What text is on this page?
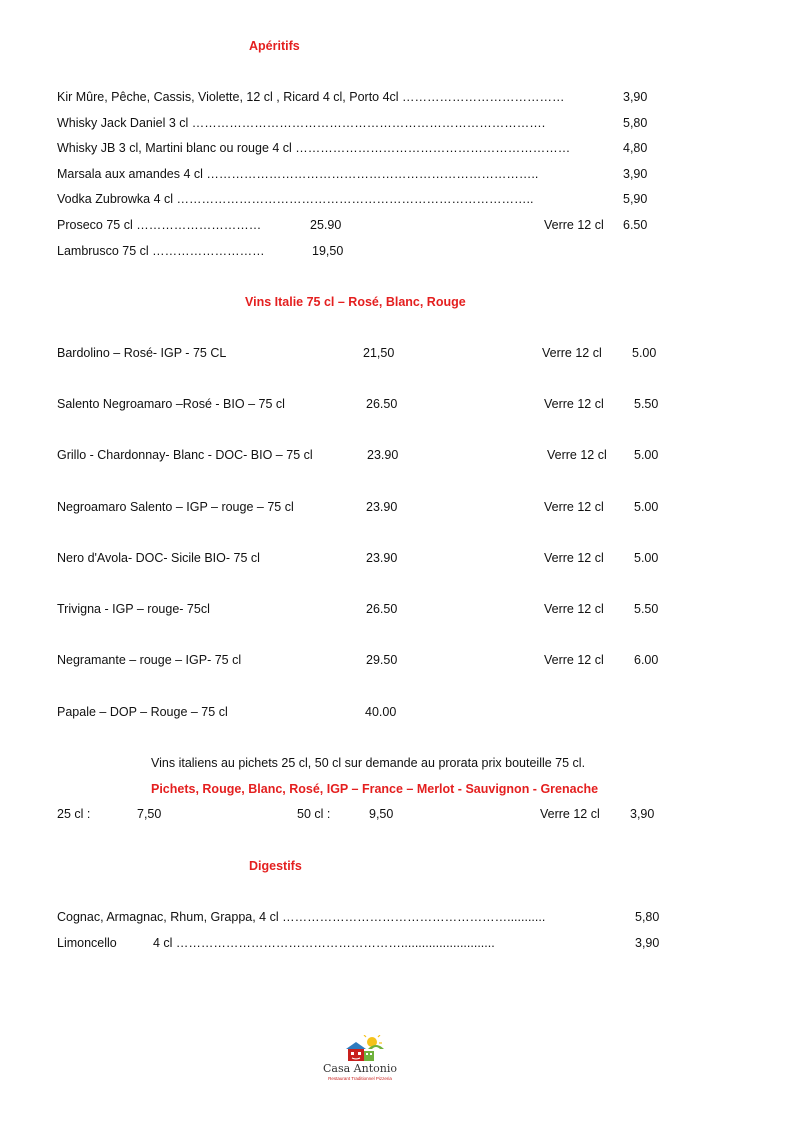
Apéritifs
Kir Mûre, Pêche, Cassis, Violette, 12 cl , Ricard 4 cl, Porto 4cl …………………………………	3,90
Whisky Jack Daniel 3 cl ………………………………………………………………………….	5,80
Whisky JB 3 cl, Martini blanc ou rouge 4 cl …………………………………………………………	4,80
Marsala aux amandes 4 cl ……………………………………………………………………..	3,90
Vodka Zubrowka 4 cl …………………………………………………………………………..	5,90
Proseco 75 cl …………………………	25.90	Verre 12 cl 6.50
Lambrusco 75 cl ………………………	19,50
Vins Italie 75 cl – Rosé, Blanc, Rouge
Bardolino – Rosé- IGP - 75 CL	21,50	Verre 12 cl 5.00
Salento Negroamaro –Rosé - BIO – 75 cl	26.50	Verre 12 cl 5.50
Grillo - Chardonnay- Blanc - DOC- BIO – 75 cl	23.90	Verre 12 cl 5.00
Negroamaro Salento – IGP – rouge – 75 cl	23.90	Verre 12 cl 5.00
Nero d'Avola- DOC- Sicile BIO- 75 cl	23.90	Verre 12 cl 5.00
Trivigna - IGP – rouge- 75cl	26.50	Verre 12 cl 5.50
Negramante – rouge – IGP- 75 cl	29.50	Verre 12 cl 6.00
Papale – DOP – Rouge – 75 cl	40.00
Vins italiens au pichets 25 cl, 50 cl sur demande au prorata prix bouteille 75 cl.
Pichets, Rouge, Blanc, Rosé, IGP – France – Merlot - Sauvignon - Grenache
25 cl :	7,50	50 cl :	9,50	Verre 12 cl 3,90
Digestifs
Cognac, Armagnac, Rhum, Grappa, 4 cl ………………………………………………...........	5,80
Limoncello	4 cl ………………………………………………...........................	3,90
Casa Antonio
Restaurant Traditionnel Pizzeria
